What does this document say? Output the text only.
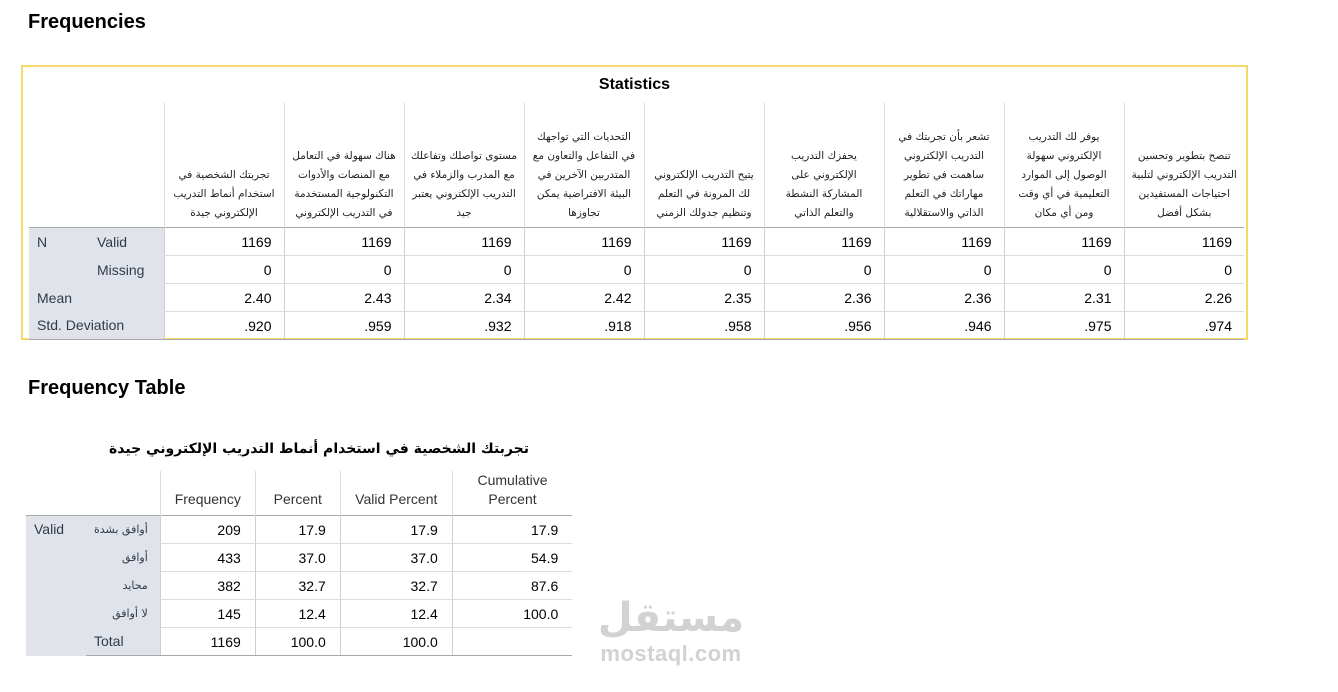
Frequencies
Statistics
		تجربتك الشخصية في استخدام أنماط التدريب الإلكتروني جيدة	هناك سهولة في التعامل مع المنصات والأدوات التكنولوجية المستخدمة في التدريب الإلكتروني	مستوى تواصلك وتفاعلك مع المدرب والزملاء في التدريب الإلكتروني يعتبر جيد	التحديات التي تواجهك في التفاعل والتعاون مع المتدربين الآخرين في البيئة الافتراضية يمكن تجاوزها	يتيح التدريب الإلكتروني لك المرونة في التعلم وتنظيم جدولك الزمني	يحفزك التدريب الإلكتروني على المشاركة النشطة والتعلم الذاتي	تشعر بأن تجربتك في التدريب الإلكتروني ساهمت في تطوير مهاراتك في التعلم الذاتي والاستقلالية	يوفر لك التدريب الإلكتروني سهولة الوصول إلى الموارد التعليمية في أي وقت ومن أي مكان	تنصح بتطوير وتحسين التدريب الإلكتروني لتلبية احتياجات المستفيدين بشكل أفضل
N	Valid	1169	1169	1169	1169	1169	1169	1169	1169	1169
	Missing	0	0	0	0	0	0	0	0	0
Mean		2.40	2.43	2.34	2.42	2.35	2.36	2.36	2.31	2.26
Std. Deviation		.920	.959	.932	.918	.958	.956	.946	.975	.974
Frequency Table
تجربتك الشخصية في استخدام أنماط التدريب الإلكتروني جيدة
		Frequency	Percent	Valid Percent	Cumulative Percent
Valid	أوافق بشدة	209	17.9	17.9	17.9
	أوافق	433	37.0	37.0	54.9
	محايد	382	32.7	32.7	87.6
	لا أوافق	145	12.4	12.4	100.0
	Total	1169	100.0	100.0	
مستقل
mostaql.com
